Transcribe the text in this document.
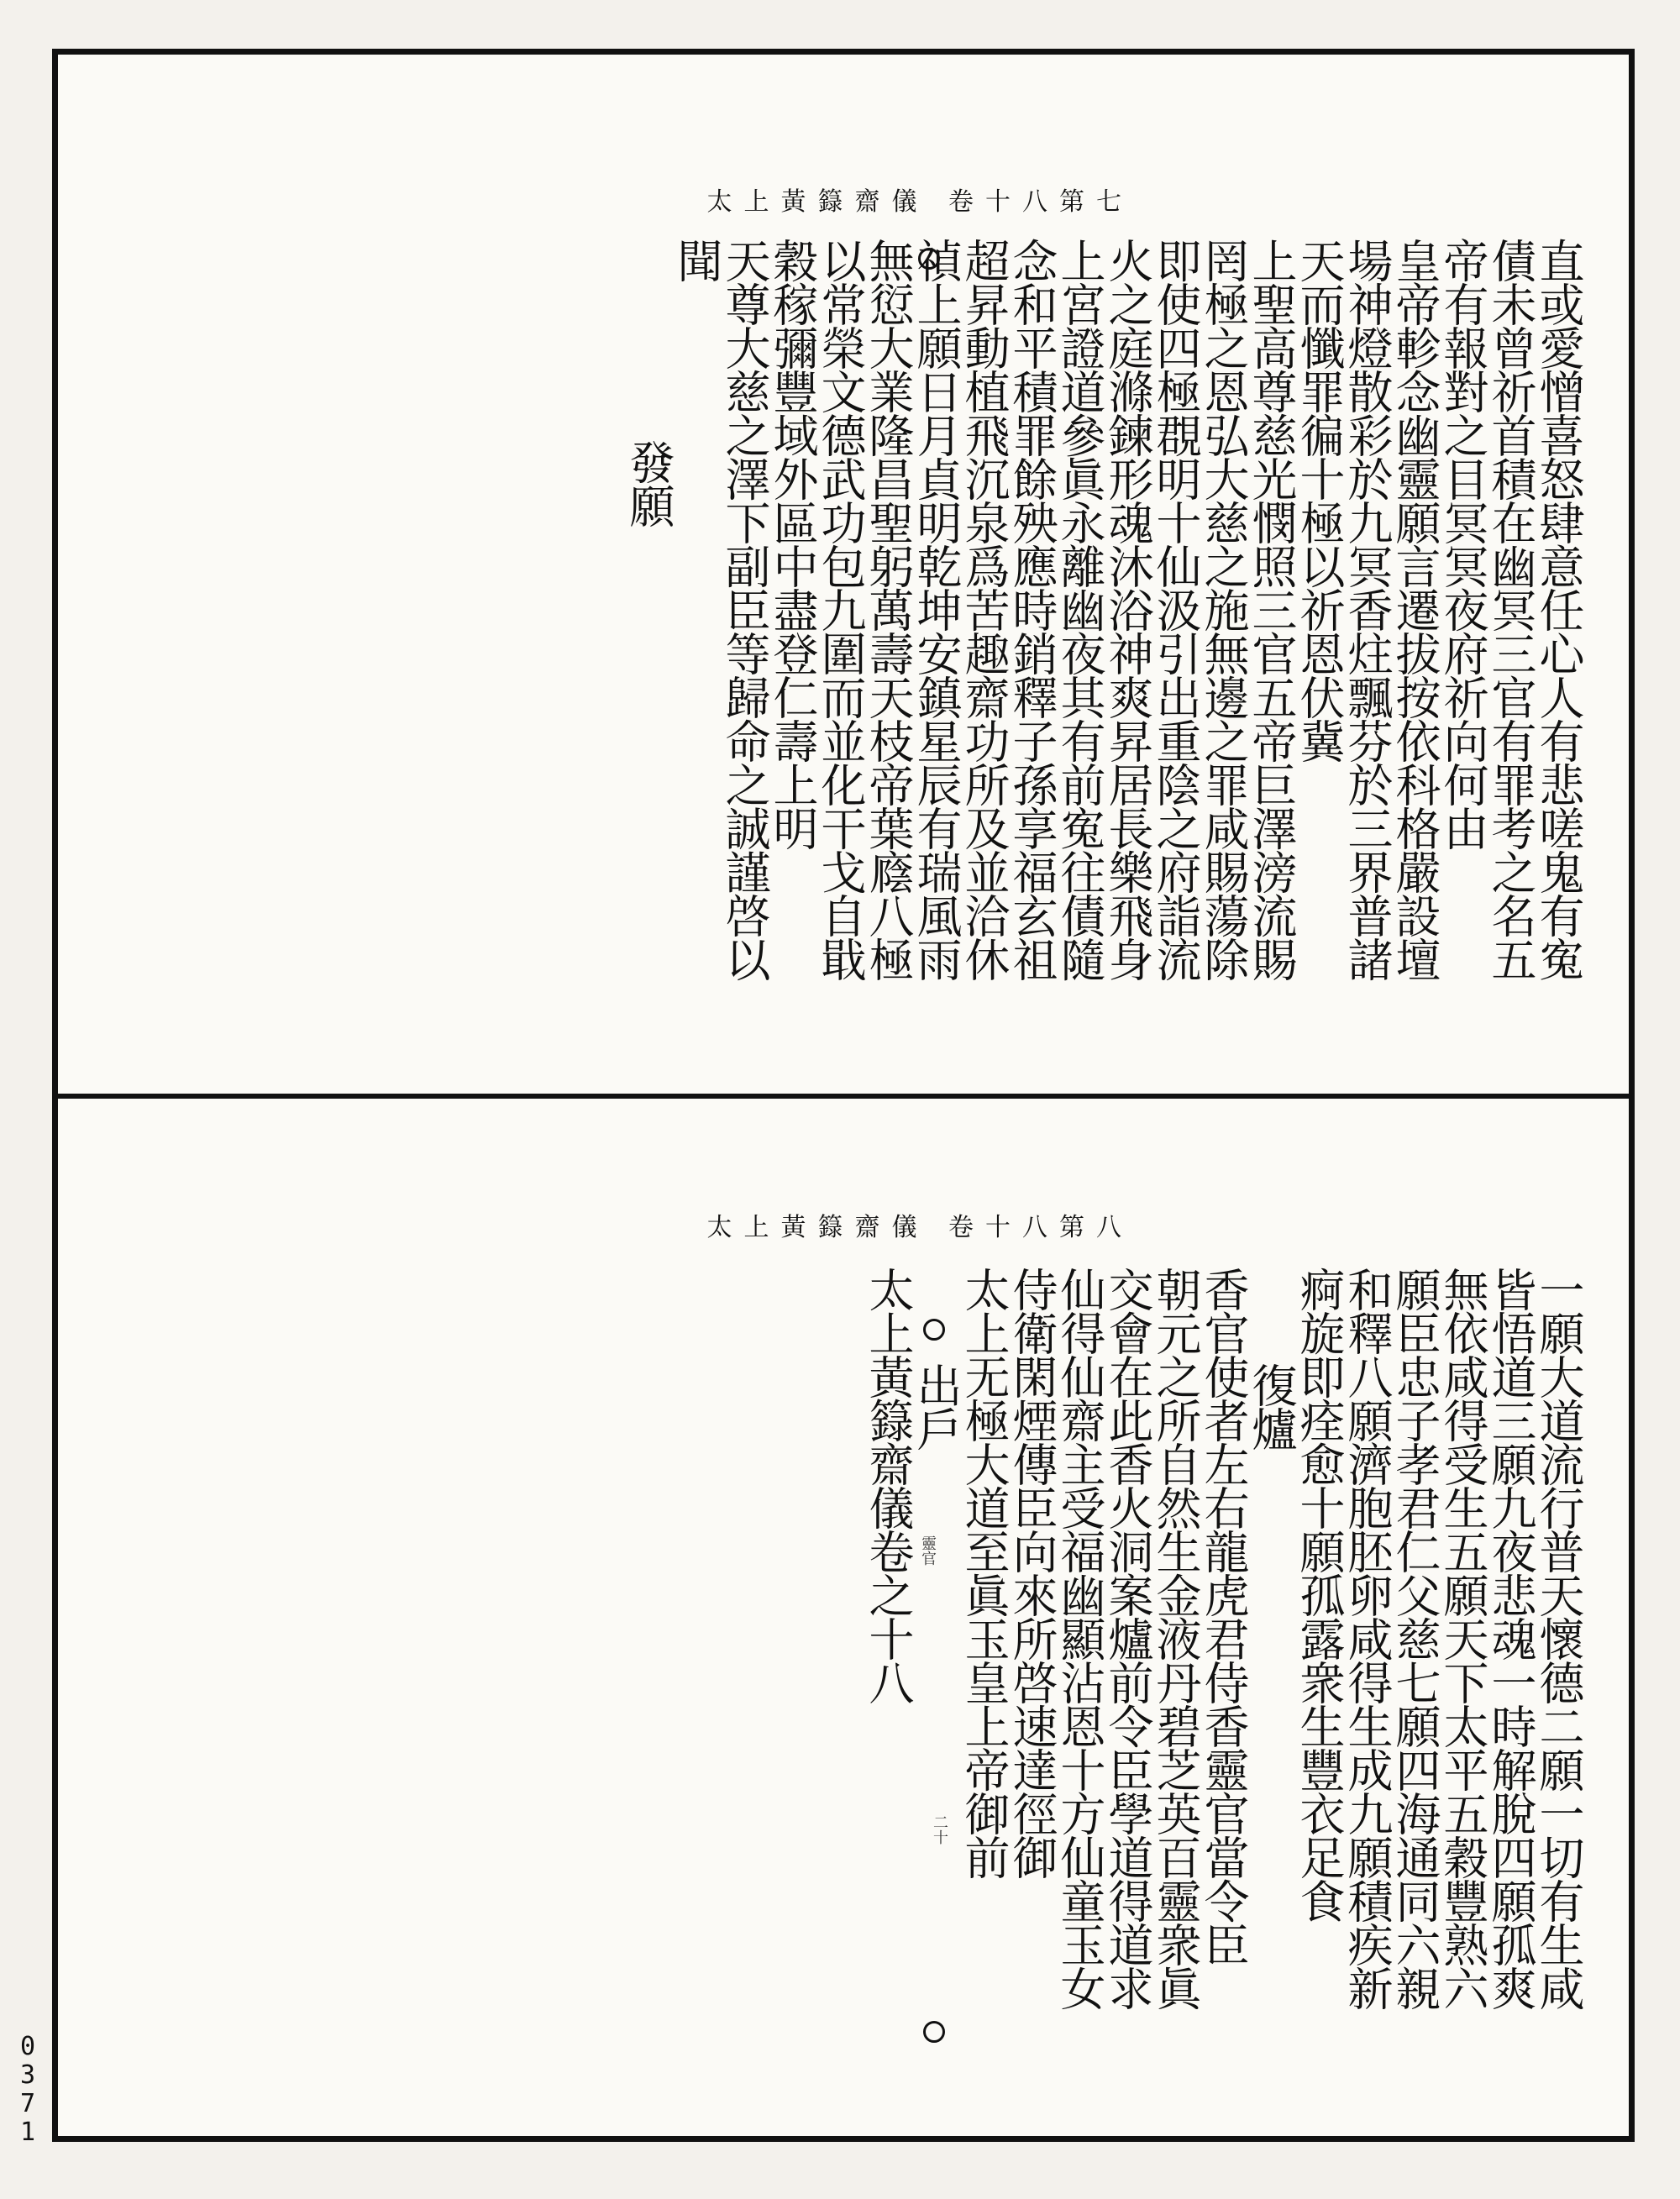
太上黃籙齋儀 卷十八第七
直或愛憎喜怒肆意任心人有悲嗟鬼有寃
債未曾祈首積在幽冥三官有罪考之名五
帝有報對之目冥冥夜府祈向何由
皇帝軫念幽靈願言遷拔按依科格嚴設壇
場神燈散彩於九冥香炷飄芬於三界普諸
天而懺罪徧十極以祈恩伏冀
上聖高尊慈光憫照三官五帝巨澤滂流賜
罔極之恩弘大慈之施無邊之罪咸賜蕩除
即使四極覠明十仙汲引出重陰之府詣流
火之庭滌鍊形魂沐浴神爽昇居長樂飛身
上宮證道參眞永離幽夜其有前寃往債隨
念和平積罪餘殃應時銷釋子孫享福玄祖
超昇動植飛沉泉爲苦趣齋功所及並洽休
禎上願日月貞明乾坤安鎮星辰有瑞風雨
無愆大業隆昌聖躬萬壽天枝帝葉廕八極
以常榮文德武功包九圍而並化干戈自戢
穀稼彌豐域外區中盡登仁壽上明
天尊大慈之澤下副臣等歸命之誠謹啓以
聞
發願
太上黃籙齋儀 卷十八第八
一願大道流行普天懷德二願一切有生咸
皆悟道三願九夜悲魂一時解脫四願孤爽
無依咸得受生五願天下太平五穀豐熟六
願臣忠子孝君仁父慈七願四海通同六親
和釋八願濟胞胚卵咸得生成九願積疾新
痾旋即痊愈十願孤露衆生豐衣足食
復爐
香官使者左右龍虎君侍香靈官當令臣
朝元之所自然生金液丹碧芝英百靈衆眞
交會在此香火洞案爐前令臣學道得道求
仙得仙齋主受福幽顯沾恩十方仙童玉女
侍衛閑煙傳臣向來所啓速達徑御
太上无極大道至眞玉皇上帝御前
出戶
太上黃籙齋儀卷之十八 靈官
二十
0
3
7
1
